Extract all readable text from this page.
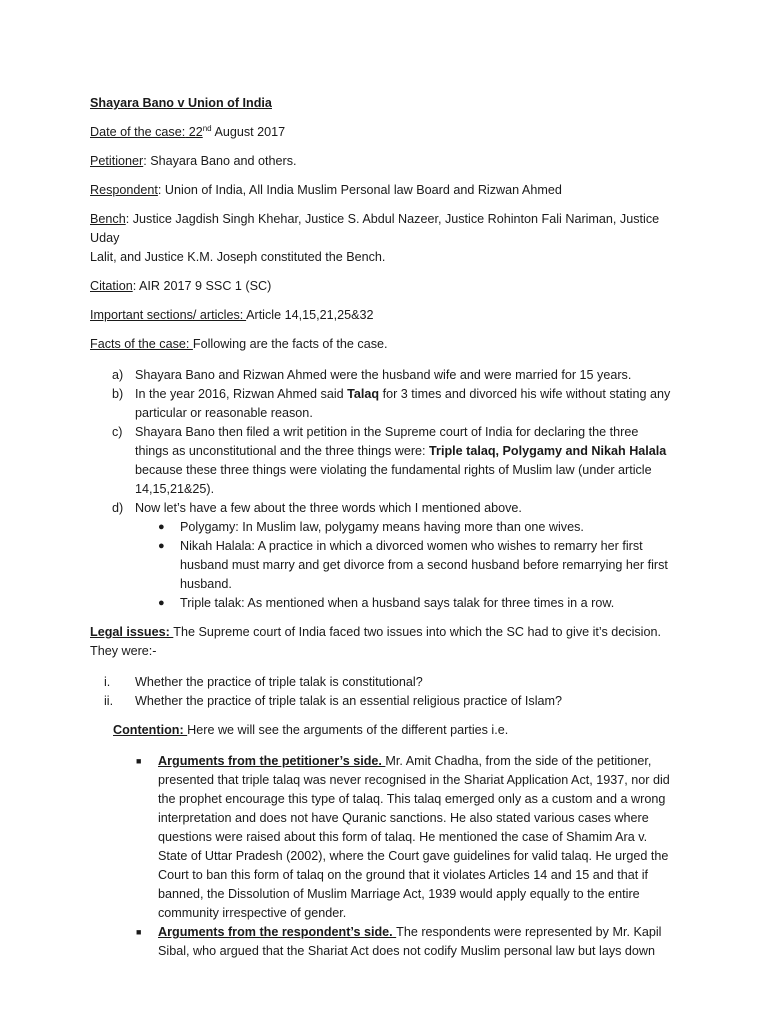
Shayara Bano v Union of India

Date of the case: 22nd August 2017

Petitioner: Shayara Bano and others.

Respondent: Union of India, All India Muslim Personal law Board and Rizwan Ahmed

Bench: Justice Jagdish Singh Khehar, Justice S. Abdul Nazeer, Justice Rohinton Fali Nariman, Justice Uday
Lalit, and Justice K.M. Joseph constituted the Bench.

Citation: AIR 2017 9 SSC 1 (SC)

Important sections/ articles: Article 14,15,21,25&32

Facts of the case: Following are the facts of the case.

a) Shayara Bano and Rizwan Ahmed were the husband wife and were married for 15 years.
b) In the year 2016, Rizwan Ahmed said Talaq for 3 times and divorced his wife without stating any
particular or reasonable reason.
c) Shayara Bano then filed a writ petition in the Supreme court of India for declaring the three
things as unconstitutional and the three things were: Triple talaq, Polygamy and Nikah Halala
because these three things were violating the fundamental rights of Muslim law (under article
14,15,21&25).
d) Now let’s have a few about the three words which I mentioned above.
● Polygamy: In Muslim law, polygamy means having more than one wives.
● Nikah Halala: A practice in which a divorced women who wishes to remarry her first
husband must marry and get divorce from a second husband before remarrying her first
husband.
● Triple talak: As mentioned when a husband says talak for three times in a row.

Legal issues: The Supreme court of India faced two issues into which the SC had to give it’s decision.
They were:-

i. Whether the practice of triple talak is constitutional?
ii. Whether the practice of triple talak is an essential religious practice of Islam?

Contention: Here we will see the arguments of the different parties i.e.

■ Arguments from the petitioner’s side. Mr. Amit Chadha, from the side of the petitioner,
presented that triple talaq was never recognised in the Shariat Application Act, 1937, nor did
the prophet encourage this type of talaq. This talaq emerged only as a custom and a wrong
interpretation and does not have Quranic sanctions. He also stated various cases where
questions were raised about this form of talaq. He mentioned the case of Shamim Ara v.
State of Uttar Pradesh (2002), where the Court gave guidelines for valid talaq. He urged the
Court to ban this form of talaq on the ground that it violates Articles 14 and 15 and that if
banned, the Dissolution of Muslim Marriage Act, 1939 would apply equally to the entire
community irrespective of gender.
■ Arguments from the respondent’s side. The respondents were represented by Mr. Kapil
Sibal, who argued that the Shariat Act does not codify Muslim personal law but lays down
